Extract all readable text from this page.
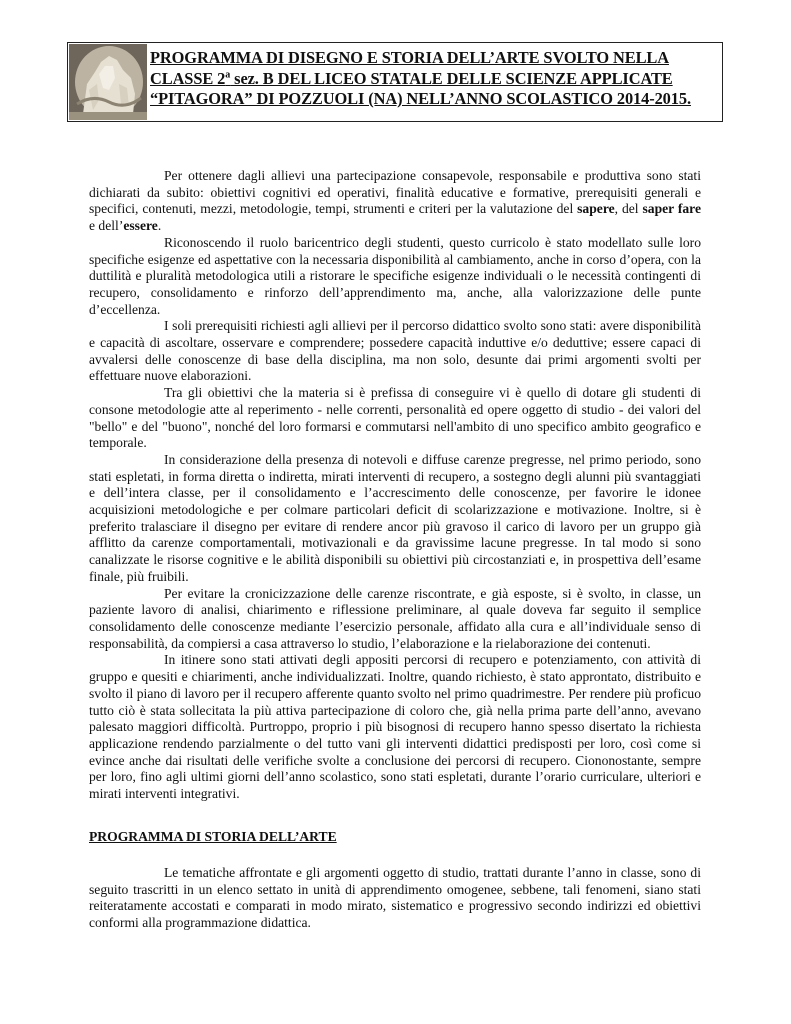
PROGRAMMA DI DISEGNO E STORIA DELL’ARTE SVOLTO NELLA
CLASSE 2$^a$ sez. B DEL LICEO STATALE DELLE SCIENZE APPLICATE
“PITAGORA” DI POZZUOLI (NA) NELL’ANNO SCOLASTICO 2014-2015.

Per ottenere dagli allievi una partecipazione consapevole, responsabile e produttiva sono stati dichiarati da subito: obiettivi cognitivi ed operativi, finalità educative e formative, prerequisiti generali e specifici, contenuti, mezzi, metodologie, tempi, strumenti e criteri per la valutazione del sapere, del saper fare e dell’essere.

Riconoscendo il ruolo baricentrico degli studenti, questo curricolo è stato modellato sulle loro specifiche esigenze ed aspettative con la necessaria disponibilità al cambiamento, anche in corso d’opera, con la duttilità e pluralità metodologica utili a ristorare le specifiche esigenze individuali o le necessità contingenti di recupero, consolidamento e rinforzo dell’apprendimento ma, anche, alla valorizzazione delle punte d’eccellenza.

I soli prerequisiti richiesti agli allievi per il percorso didattico svolto sono stati: avere disponibilità e capacità di ascoltare, osservare e comprendere; possedere capacità induttive e/o deduttive; essere capaci di avvalersi delle conoscenze di base della disciplina, ma non solo, desunte dai primi argomenti svolti per effettuare nuove elaborazioni.

Tra gli obiettivi che la materia si è prefissa di conseguire vi è quello di dotare gli studenti di consone metodologie atte al reperimento - nelle correnti, personalità ed opere oggetto di studio - dei valori del "bello" e del "buono", nonché del loro formarsi e commutarsi nell'ambito di uno specifico ambito geografico e temporale.

In considerazione della presenza di notevoli e diffuse carenze pregresse, nel primo periodo, sono stati espletati, in forma diretta o indiretta, mirati interventi di recupero, a sostegno degli alunni più svantaggiati e dell’intera classe, per il consolidamento e l’accrescimento delle conoscenze, per favorire le idonee acquisizioni metodologiche e per colmare particolari deficit di scolarizzazione e motivazione. Inoltre, si è preferito tralasciare il disegno per evitare di rendere ancor più gravoso il carico di lavoro per un gruppo già afflitto da carenze comportamentali, motivazionali e da gravissime lacune pregresse. In tal modo si sono canalizzate le risorse cognitive e le abilità disponibili su obiettivi più circostanziati e, in prospettiva dell’esame finale, più fruibili.

Per evitare la cronicizzazione delle carenze riscontrate, e già esposte, si è svolto, in classe, un paziente lavoro di analisi, chiarimento e riflessione preliminare, al quale doveva far seguito il semplice consolidamento delle conoscenze mediante l’esercizio personale, affidato alla cura e all’individuale senso di responsabilità, da compiersi a casa attraverso lo studio, l’elaborazione e la rielaborazione dei contenuti.

In itinere sono stati attivati degli appositi percorsi di recupero e potenziamento, con attività di gruppo e quesiti e chiarimenti, anche individualizzati. Inoltre, quando richiesto, è stato approntato, distribuito e svolto il piano di lavoro per il recupero afferente quanto svolto nel primo quadrimestre. Per rendere più proficuo tutto ciò è stata sollecitata la più attiva partecipazione di coloro che, già nella prima parte dell’anno, avevano palesato maggiori difficoltà. Purtroppo, proprio i più bisognosi di recupero hanno spesso disertato la richiesta applicazione rendendo parzialmente o del tutto vani gli interventi didattici predisposti per loro, così come si evince anche dai risultati delle verifiche svolte a conclusione dei percorsi di recupero. Ciononostante, sempre per loro, fino agli ultimi giorni dell’anno scolastico, sono stati espletati, durante l’orario curriculare, ulteriori e mirati interventi integrativi.

PROGRAMMA DI STORIA DELL’ARTE

Le tematiche affrontate e gli argomenti oggetto di studio, trattati durante l’anno in classe, sono di seguito trascritti in un elenco settato in unità di apprendimento omogenee, sebbene, tali fenomeni, siano stati reiteratamente accostati e comparati in modo mirato, sistematico e progressivo secondo indirizzi ed obiettivi conformi alla programmazione didattica.
